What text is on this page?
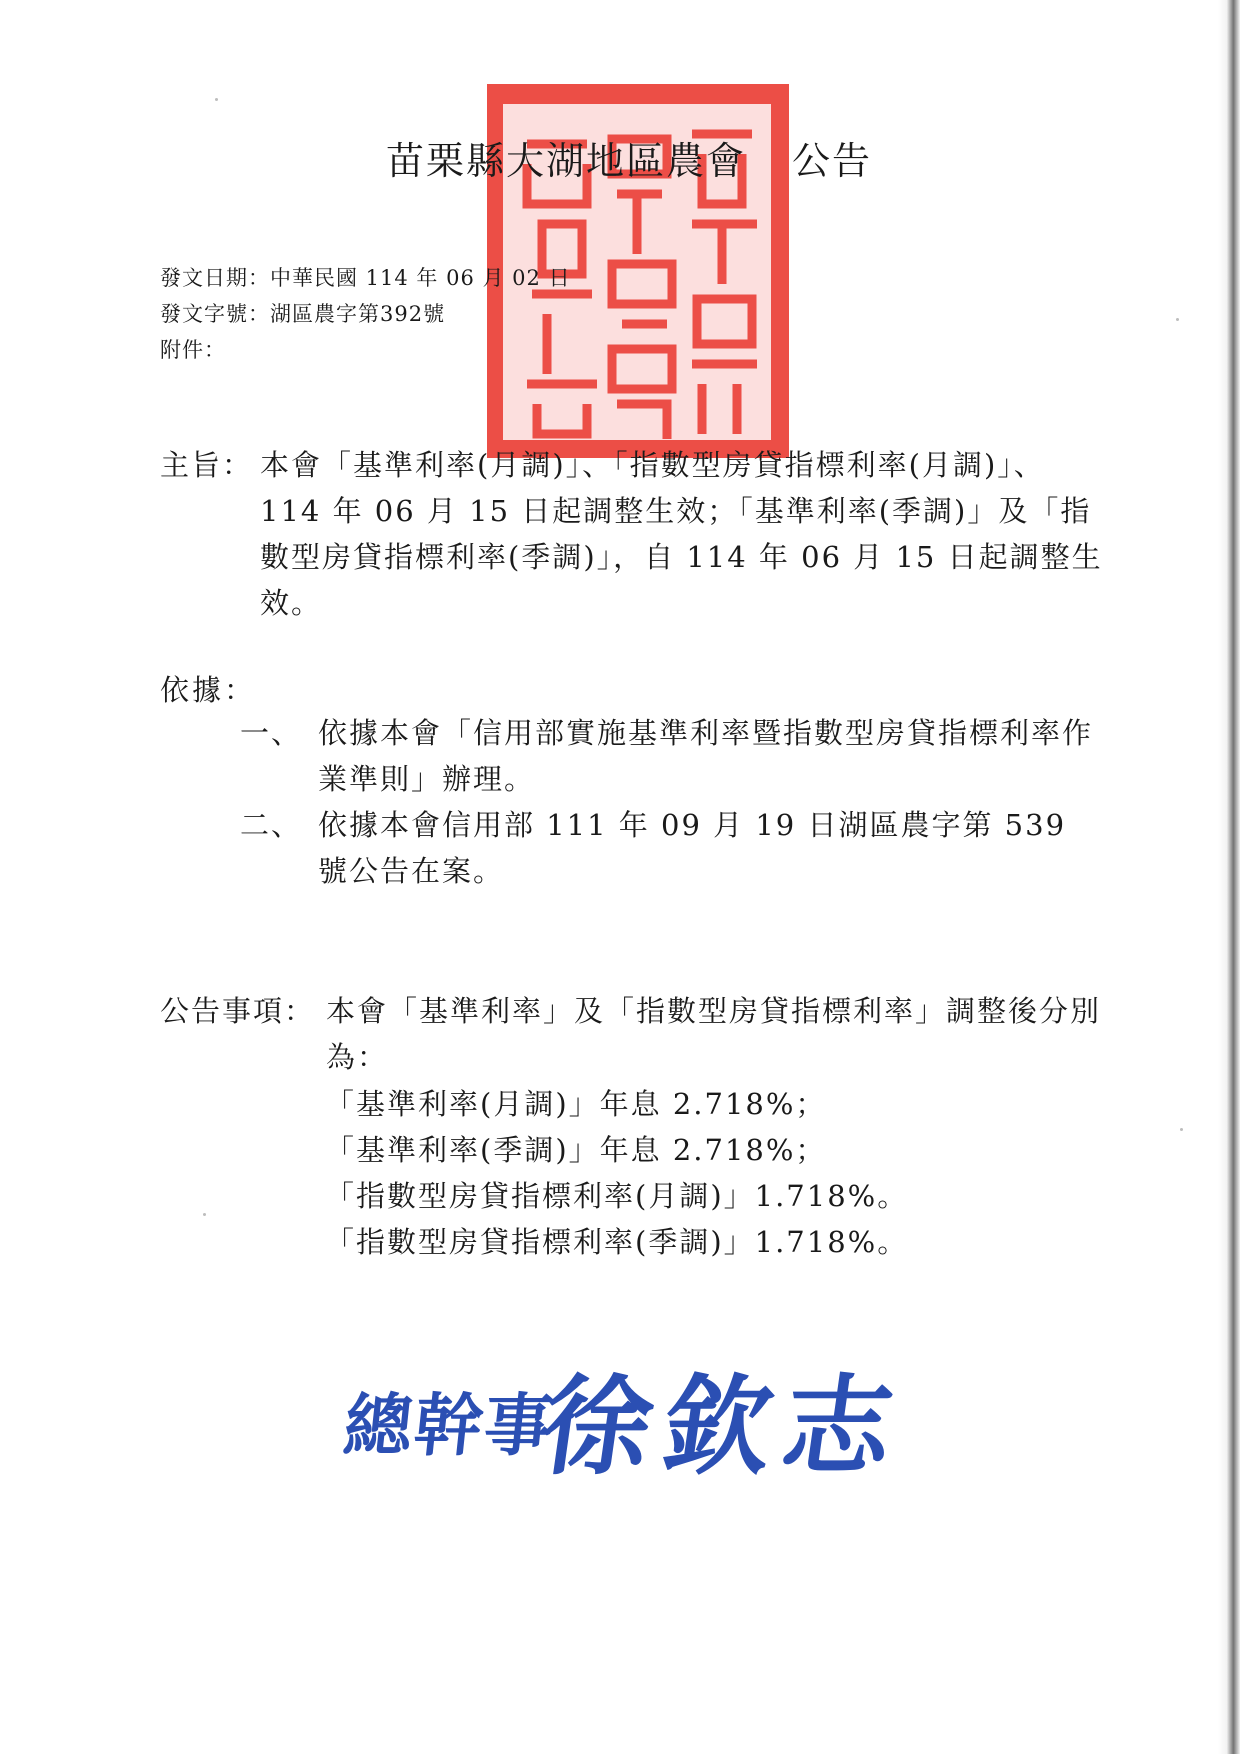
苗栗縣大湖地區農會 公告
發文日期：中華民國 114 年 06 月 02 日
發文字號：湖區農字第392號
附件：
主旨： 本會「基準利率(月調)」、「指數型房貸指標利率(月調)」、114 年 06 月 15 日起調整生效；「基準利率(季調)」及「指數型房貸指標利率(季調)」，自 114 年 06 月 15 日起調整生效。
依據：
一、 依據本會「信用部實施基準利率暨指數型房貸指標利率作業準則」辦理。
二、 依據本會信用部 111 年 09 月 19 日湖區農字第 539 號公告在案。
公告事項： 本會「基準利率」及「指數型房貸指標利率」調整後分別為：
「基準利率(月調)」年息 2.718%；
「基準利率(季調)」年息 2.718%；
「指數型房貸指標利率(月調)」1.718%。
「指數型房貸指標利率(季調)」1.718%。
總幹事
徐欽志
